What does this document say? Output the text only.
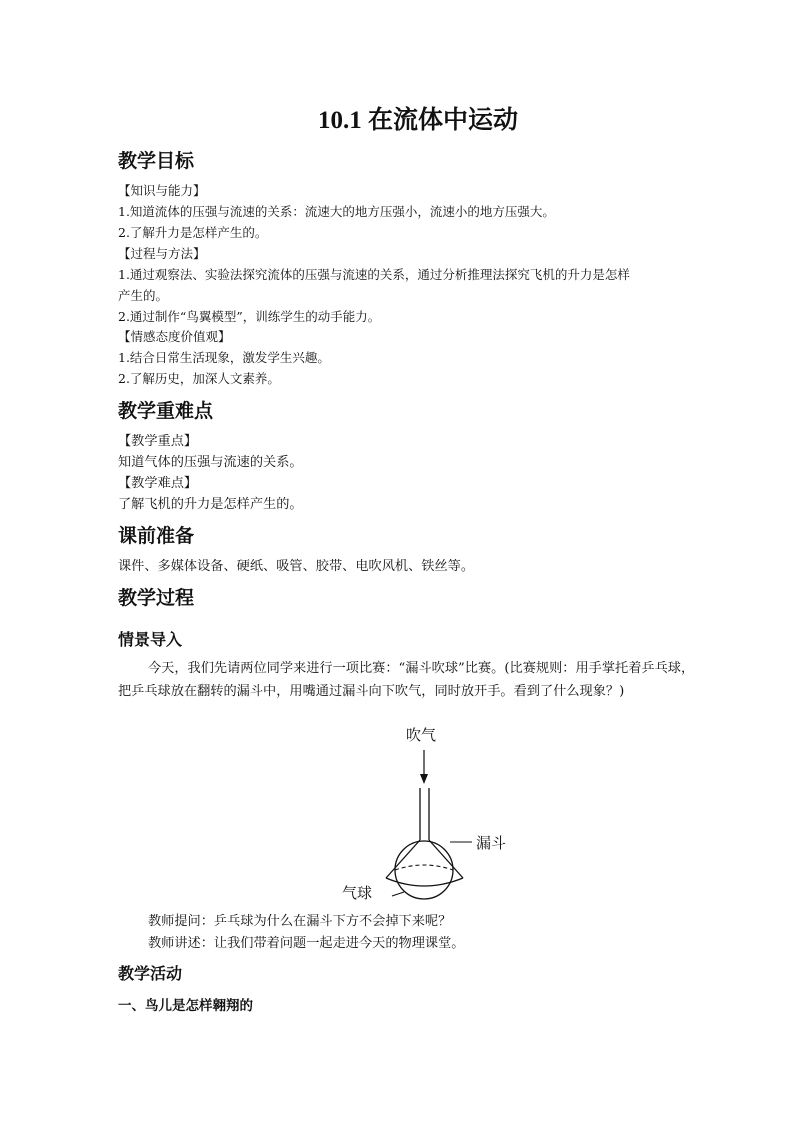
10.1 在流体中运动
教学目标

【知识与能力】

1.知道流体的压强与流速的关系：流速大的地方压强小，流速小的地方压强大。

2.了解升力是怎样产生的。

【过程与方法】

1.通过观察法、实验法探究流体的压强与流速的关系，通过分析推理法探究飞机的升力是怎样

产生的。

2.通过制作“鸟翼模型”，训练学生的动手能力。

【情感态度价值观】

1.结合日常生活现象，激发学生兴趣。

2.了解历史，加深人文素养。

教学重难点

【教学重点】

知道气体的压强与流速的关系。

【教学难点】

了解飞机的升力是怎样产生的。

课前准备

课件、多媒体设备、硬纸、吸管、胶带、电吹风机、铁丝等。

教学过程
情景导入

今天，我们先请两位同学来进行一项比赛：“漏斗吹球”比赛。(比赛规则：用手掌托着乒乓球，把乒乓球放在翻转的漏斗中，用嘴通过漏斗向下吹气，同时放开手。看到了什么现象？)

吹气
漏斗
气球

教师提问：乒乓球为什么在漏斗下方不会掉下来呢？

教师讲述：让我们带着问题一起走进今天的物理课堂。

教学活动
一、鸟儿是怎样翱翔的
